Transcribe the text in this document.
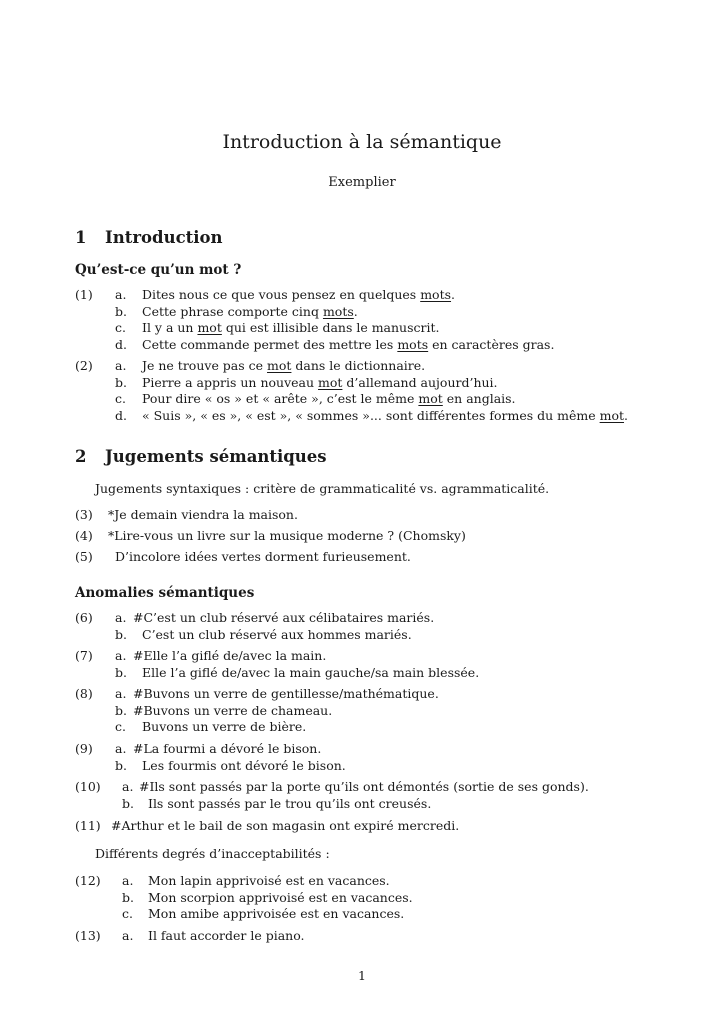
Introduction à la sémantique
Exemplier
1 Introduction
Qu’est-ce qu’un mot ?
(1) a. Dites nous ce que vous pensez en quelques mots.
b. Cette phrase comporte cinq mots.
c. Il y a un mot qui est illisible dans le manuscrit.
d. Cette commande permet des mettre les mots en caractères gras.
(2) a. Je ne trouve pas ce mot dans le dictionnaire.
b. Pierre a appris un nouveau mot d’allemand aujourd’hui.
c. Pour dire « os » et « arête », c’est le même mot en anglais.
d. « Suis », « es », « est », « sommes »... sont différentes formes du même mot.
2 Jugements sémantiques
Jugements syntaxiques : critère de grammaticalité vs. agrammaticalité.
(3) *Je demain viendra la maison.
(4) *Lire-vous un livre sur la musique moderne ? (Chomsky)
(5) D’incolore idées vertes dorment furieusement.
Anomalies sémantiques
(6) a. #C’est un club réservé aux célibataires mariés.
b. C’est un club réservé aux hommes mariés.
(7) a. #Elle l’a giflé de/avec la main.
b. Elle l’a giflé de/avec la main gauche/sa main blessée.
(8) a. #Buvons un verre de gentillesse/mathématique.
b. #Buvons un verre de chameau.
c. Buvons un verre de bière.
(9) a. #La fourmi a dévoré le bison.
b. Les fourmis ont dévoré le bison.
(10) a. #Ils sont passés par la porte qu’ils ont démontés (sortie de ses gonds).
b. Ils sont passés par le trou qu’ils ont creusés.
(11) #Arthur et le bail de son magasin ont expiré mercredi.
Différents degrés d’inacceptabilités :
(12) a. Mon lapin apprivoisé est en vacances.
b. Mon scorpion apprivoisé est en vacances.
c. Mon amibe apprivoisée est en vacances.
(13) a. Il faut accorder le piano.
1
